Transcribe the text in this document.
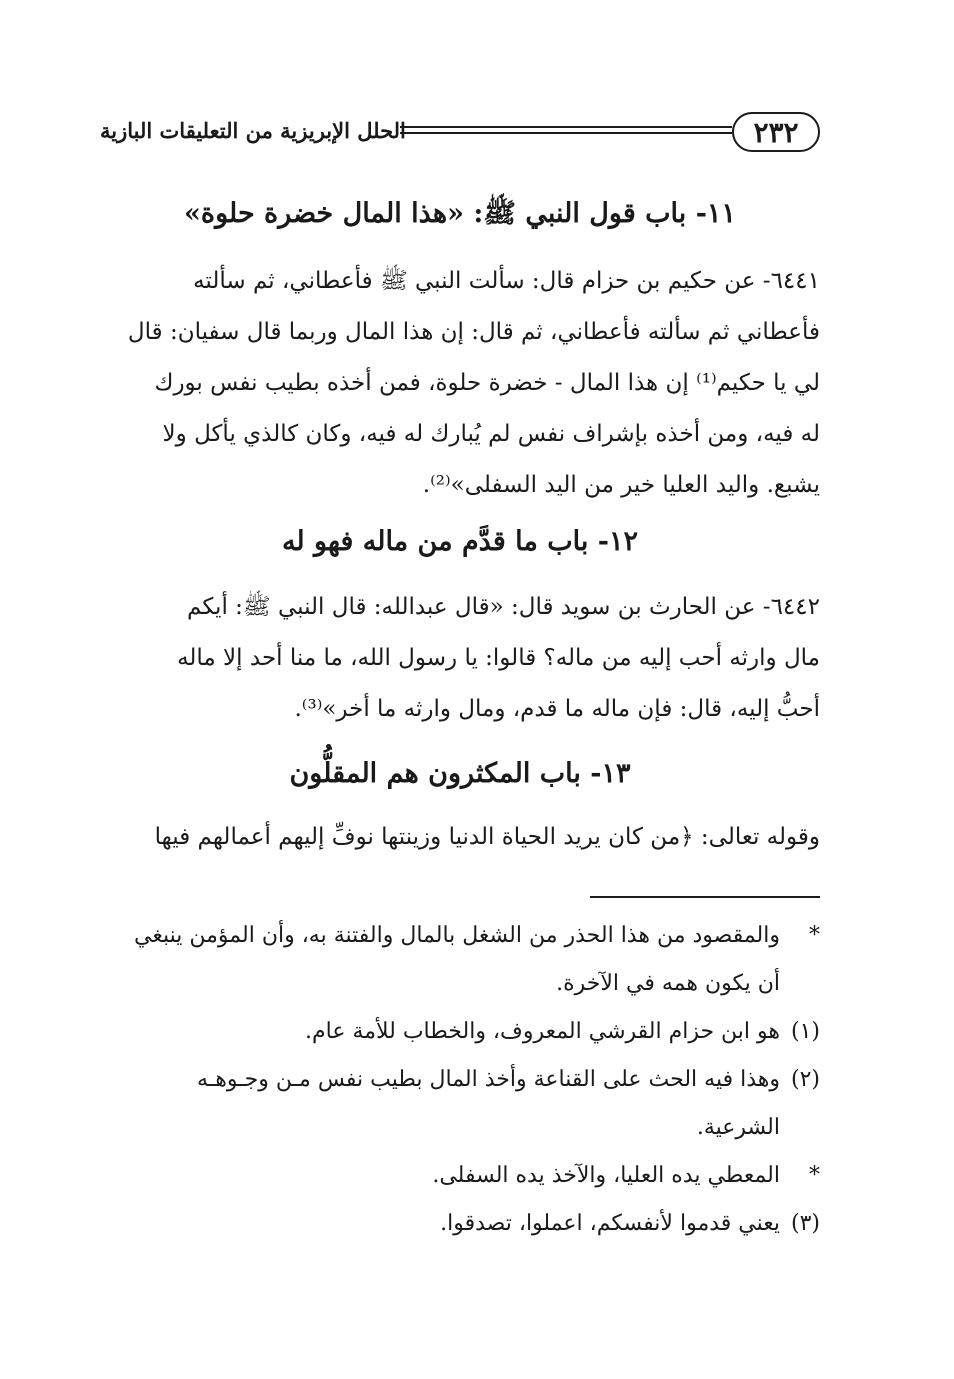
٢٣٢
الحلل الإبريزية من التعليقات البازية
١١- باب قول النبي ﷺ: «هذا المال خضرة حلوة»
٦٤٤١- عن حكيم بن حزام قال: سألت النبي ﷺ فأعطاني، ثم سألته
فأعطاني ثم سألته فأعطاني، ثم قال: إن هذا المال وربما قال سفيان: قال
لي يا حكيم⁽¹⁾ إن هذا المال - خضرة حلوة، فمن أخذه بطيب نفس بورك
له فيه، ومن أخذه بإشراف نفس لم يُبارك له فيه، وكان كالذي يأكل ولا
يشبع. واليد العليا خير من اليد السفلى»⁽²⁾.
١٢- باب ما قدَّم من ماله فهو له
٦٤٤٢- عن الحارث بن سويد قال: «قال عبدالله: قال النبي ﷺ: أيكم
مال وارثه أحب إليه من ماله؟ قالوا: يا رسول الله، ما منا أحد إلا ماله
أحبُّ إليه، قال: فإن ماله ما قدم، ومال وارثه ما أخر»⁽³⁾.
١٣- باب المكثرون هم المقلُّون
وقوله تعالى: ﴿من كان يريد الحياة الدنيا وزينتها نوفِّ إليهم أعمالهم فيها
*والمقصود من هذا الحذر من الشغل بالمال والفتنة به، وأن المؤمن ينبغي
أن يكون همه في الآخرة.
(١)هو ابن حزام القرشي المعروف، والخطاب للأمة عام.
(٢)وهذا فيه الحث على القناعة وأخذ المال بطيب نفس مـن وجـوهـه
الشرعية.
*المعطي يده العليا، والآخذ يده السفلى.
(٣)يعني قدموا لأنفسكم، اعملوا، تصدقوا.
